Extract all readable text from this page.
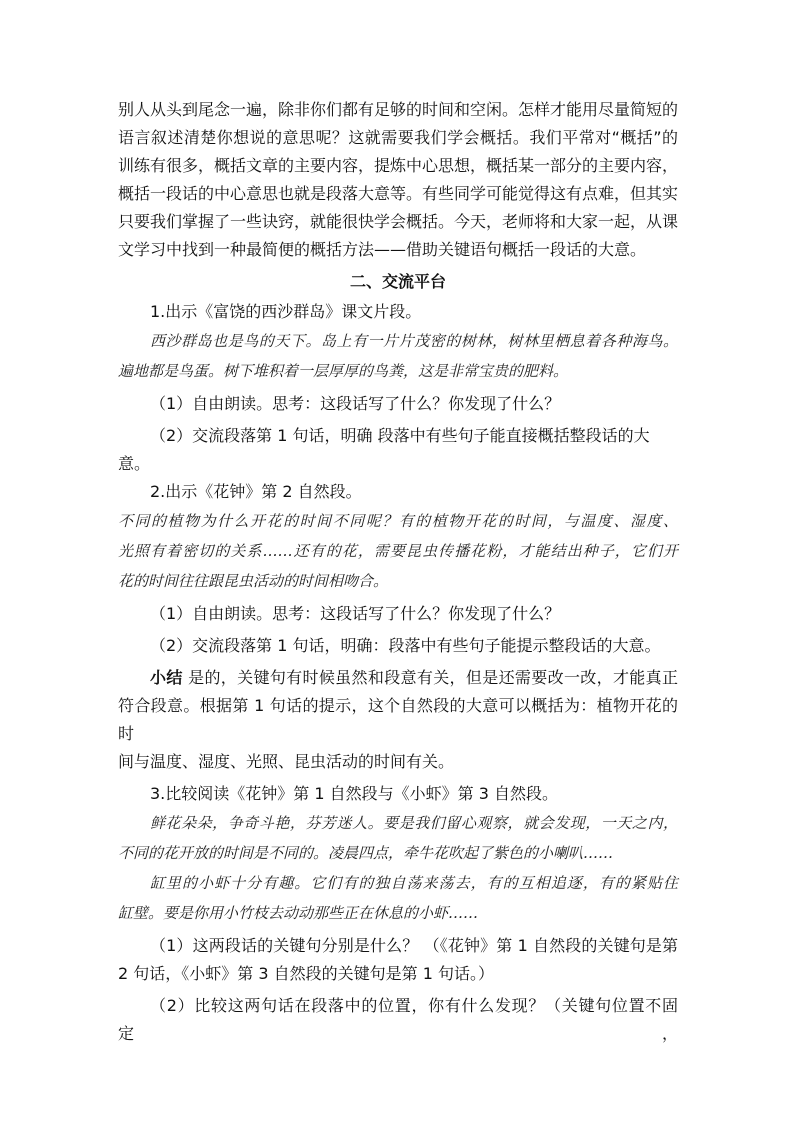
别人从头到尾念一遍，除非你们都有足够的时间和空闲。怎样才能用尽量简短的

语言叙述清楚你想说的意思呢？这就需要我们学会概括。我们平常对“概括”的

训练有很多，概括文章的主要内容，提炼中心思想，概括某一部分的主要内容，

概括一段话的中心意思也就是段落大意等。有些同学可能觉得这有点难，但其实

只要我们掌握了一些诀窍，就能很快学会概括。今天，老师将和大家一起，从课

文学习中找到一种最简便的概括方法——借助关键语句概括一段话的大意。

二、交流平台

1.出示《富饶的西沙群岛》课文片段。

西沙群岛也是鸟的天下。岛上有一片片茂密的树林，树林里栖息着各种海鸟。

遍地都是鸟蛋。树下堆积着一层厚厚的鸟粪，这是非常宝贵的肥料。

（1）自由朗读。思考：这段话写了什么？你发现了什么？

（2）交流段落第 1 句话，明确 段落中有些句子能直接概括整段话的大意。

2.出示《花钟》第 2 自然段。

不同的植物为什么开花的时间不同呢？有的植物开花的时间，与温度、湿度、

光照有着密切的关系……还有的花，需要昆虫传播花粉，才能结出种子，它们开

花的时间往往跟昆虫活动的时间相吻合。

（1）自由朗读。思考：这段话写了什么？你发现了什么？

（2）交流段落第 1 句话，明确：段落中有些句子能提示整段话的大意。

小结 是的，关键句有时候虽然和段意有关，但是还需要改一改，才能真正

符合段意。根据第 1 句话的提示，这个自然段的大意可以概括为：植物开花的时

间与温度、湿度、光照、昆虫活动的时间有关。

3.比较阅读《花钟》第 1 自然段与《小虾》第 3 自然段。

鲜花朵朵，争奇斗艳，芬芳迷人。要是我们留心观察，就会发现，一天之内，

不同的花开放的时间是不同的。凌晨四点，牵牛花吹起了紫色的小喇叭……

缸里的小虾十分有趣。它们有的独自荡来荡去，有的互相追逐，有的紧贴住

缸壁。要是你用小竹枝去动动那些正在休息的小虾……

（1）这两段话的关键句分别是什么？ （《花钟》第 1 自然段的关键句是第

2 句话，《小虾》第 3 自然段的关键句是第 1 句话。）

（2）比较这两句话在段落中的位置，你有什么发现？（关键句位置不固定，
